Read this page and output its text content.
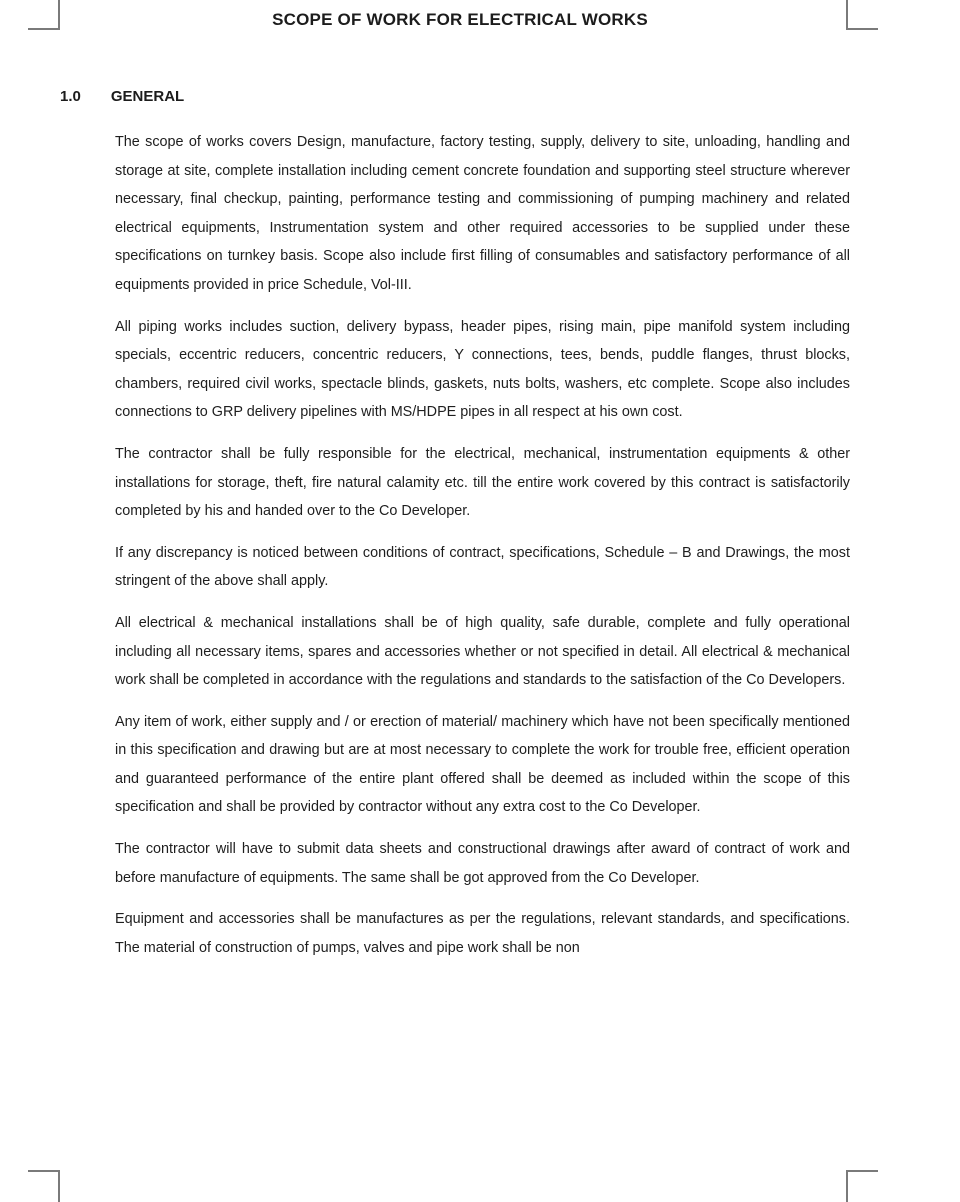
SCOPE OF WORK FOR ELECTRICAL WORKS
1.0 GENERAL

The scope of works covers Design, manufacture, factory testing, supply, delivery to site, unloading, handling and storage at site, complete installation including cement concrete foundation and supporting steel structure wherever necessary, final checkup, painting, performance testing and commissioning of pumping machinery and related electrical equipments, Instrumentation system and other required accessories to be supplied under these specifications on turnkey basis. Scope also include first filling of consumables and satisfactory performance of all equipments provided in price Schedule, Vol-III.

All piping works includes suction, delivery bypass, header pipes, rising main, pipe manifold system including specials, eccentric reducers, concentric reducers, Y connections, tees, bends, puddle flanges, thrust blocks, chambers, required civil works, spectacle blinds, gaskets, nuts bolts, washers, etc complete. Scope also includes connections to GRP delivery pipelines with MS/HDPE pipes in all respect at his own cost.

The contractor shall be fully responsible for the electrical, mechanical, instrumentation equipments & other installations for storage, theft, fire natural calamity etc. till the entire work covered by this contract is satisfactorily completed by his and handed over to the Co Developer.

If any discrepancy is noticed between conditions of contract, specifications, Schedule – B and Drawings, the most stringent of the above shall apply.

All electrical & mechanical installations shall be of high quality, safe durable, complete and fully operational including all necessary items, spares and accessories whether or not specified in detail. All electrical & mechanical work shall be completed in accordance with the regulations and standards to the satisfaction of the Co Developers.

Any item of work, either supply and / or erection of material/ machinery which have not been specifically mentioned in this specification and drawing but are at most necessary to complete the work for trouble free, efficient operation and guaranteed performance of the entire plant offered shall be deemed as included within the scope of this specification and shall be provided by contractor without any extra cost to the Co Developer.

The contractor will have to submit data sheets and constructional drawings after award of contract of work and before manufacture of equipments. The same shall be got approved from the Co Developer.

Equipment and accessories shall be manufactures as per the regulations, relevant standards, and specifications. The material of construction of pumps, valves and pipe work shall be non
